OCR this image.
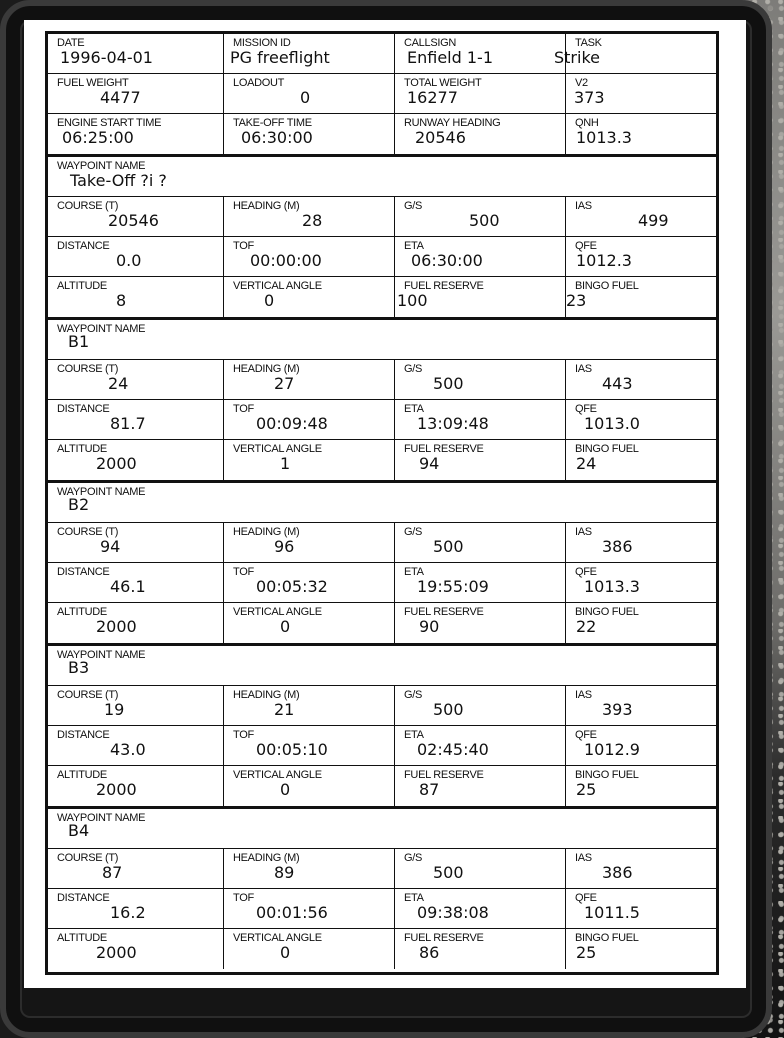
DATE
1996-04-01
MISSION ID
PG freeflight
CALLSIGN
Enfield 1-1
TASK
Strike
FUEL WEIGHT
4477
LOADOUT
0
TOTAL WEIGHT
16277
V2
373
ENGINE START TIME
06:25:00
TAKE-OFF TIME
06:30:00
RUNWAY HEADING
20546
QNH
1013.3
WAYPOINT NAME
Take-Off ?i ?
COURSE (T)
20546
HEADING (M)
28
G/S
500
IAS
499
DISTANCE
0.0
TOF
00:00:00
ETA
06:30:00
QFE
1012.3
ALTITUDE
8
VERTICAL ANGLE
0
FUEL RESERVE
100
BINGO FUEL
23
WAYPOINT NAME
B1
COURSE (T)
24
HEADING (M)
27
G/S
500
IAS
443
DISTANCE
81.7
TOF
00:09:48
ETA
13:09:48
QFE
1013.0
ALTITUDE
2000
VERTICAL ANGLE
1
FUEL RESERVE
94
BINGO FUEL
24
WAYPOINT NAME
B2
COURSE (T)
94
HEADING (M)
96
G/S
500
IAS
386
DISTANCE
46.1
TOF
00:05:32
ETA
19:55:09
QFE
1013.3
ALTITUDE
2000
VERTICAL ANGLE
0
FUEL RESERVE
90
BINGO FUEL
22
WAYPOINT NAME
B3
COURSE (T)
19
HEADING (M)
21
G/S
500
IAS
393
DISTANCE
43.0
TOF
00:05:10
ETA
02:45:40
QFE
1012.9
ALTITUDE
2000
VERTICAL ANGLE
0
FUEL RESERVE
87
BINGO FUEL
25
WAYPOINT NAME
B4
COURSE (T)
87
HEADING (M)
89
G/S
500
IAS
386
DISTANCE
16.2
TOF
00:01:56
ETA
09:38:08
QFE
1011.5
ALTITUDE
2000
VERTICAL ANGLE
0
FUEL RESERVE
86
BINGO FUEL
25
